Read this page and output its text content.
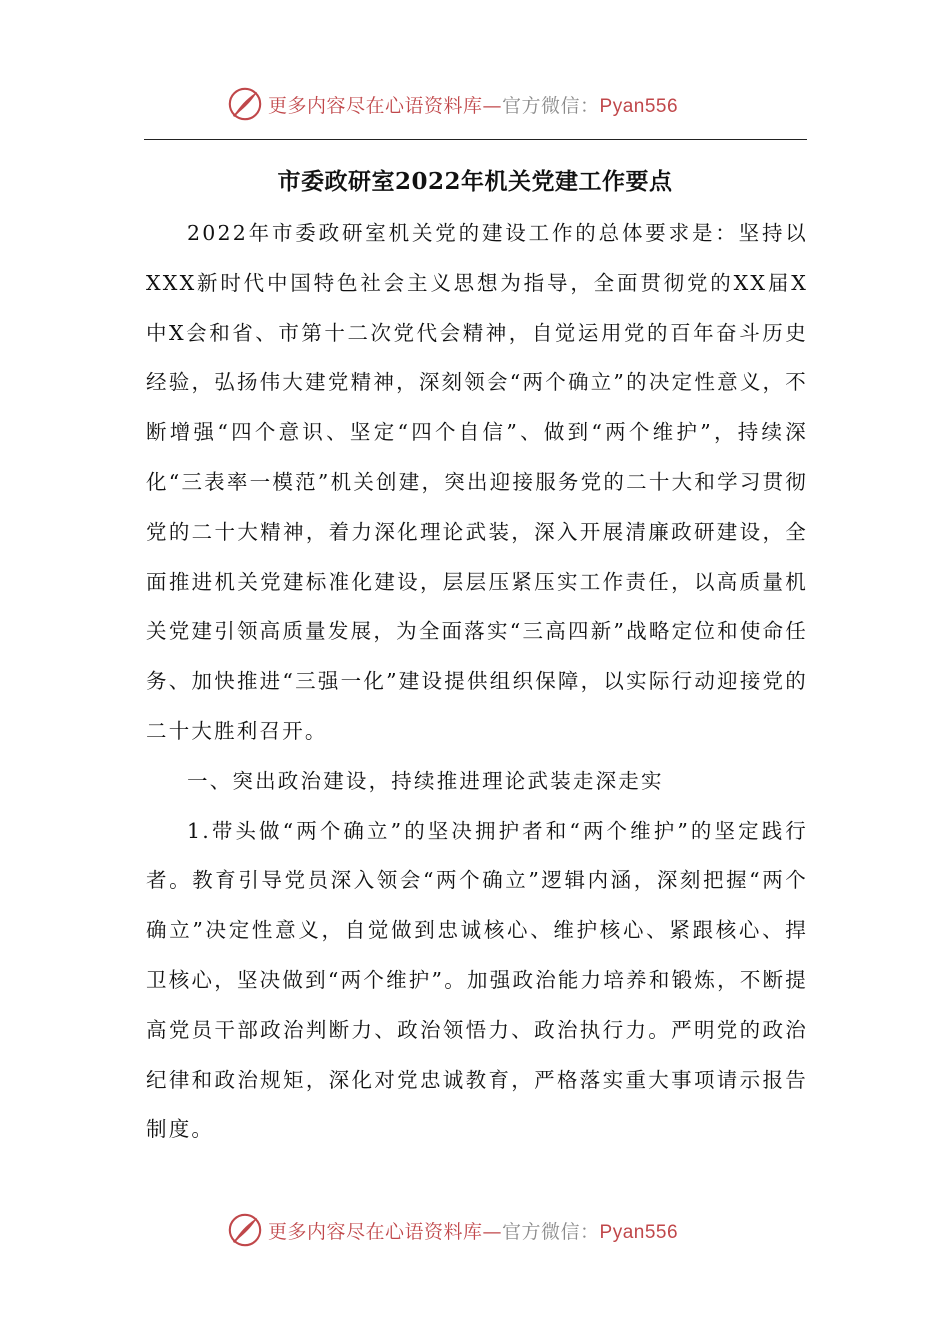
更多内容尽在心语资料库—官方微信：Pyan556
市委政研室2022年机关党建工作要点

2022年市委政研室机关党的建设工作的总体要求是：坚持以XXX新时代中国特色社会主义思想为指导，全面贯彻党的XX届X中X会和省、市第十二次党代会精神，自觉运用党的百年奋斗历史经验，弘扬伟大建党精神，深刻领会“两个确立”的决定性意义，不断增强“四个意识、坚定“四个自信”、做到“两个维护”，持续深化“三表率一模范”机关创建，突出迎接服务党的二十大和学习贯彻党的二十大精神，着力深化理论武装，深入开展清廉政研建设，全面推进机关党建标准化建设，层层压紧压实工作责任，以高质量机关党建引领高质量发展，为全面落实“三高四新”战略定位和使命任务、加快推进“三强一化”建设提供组织保障，以实际行动迎接党的二十大胜利召开。

一、突出政治建设，持续推进理论武装走深走实

1.带头做“两个确立”的坚决拥护者和“两个维护”的坚定践行者。教育引导党员深入领会“两个确立”逻辑内涵，深刻把握“两个确立”决定性意义，自觉做到忠诚核心、维护核心、紧跟核心、捍卫核心，坚决做到“两个维护”。加强政治能力培养和锻炼，不断提高党员干部政治判断力、政治领悟力、政治执行力。严明党的政治纪律和政治规矩，深化对党忠诚教育，严格落实重大事项请示报告制度。

更多内容尽在心语资料库—官方微信：Pyan556
